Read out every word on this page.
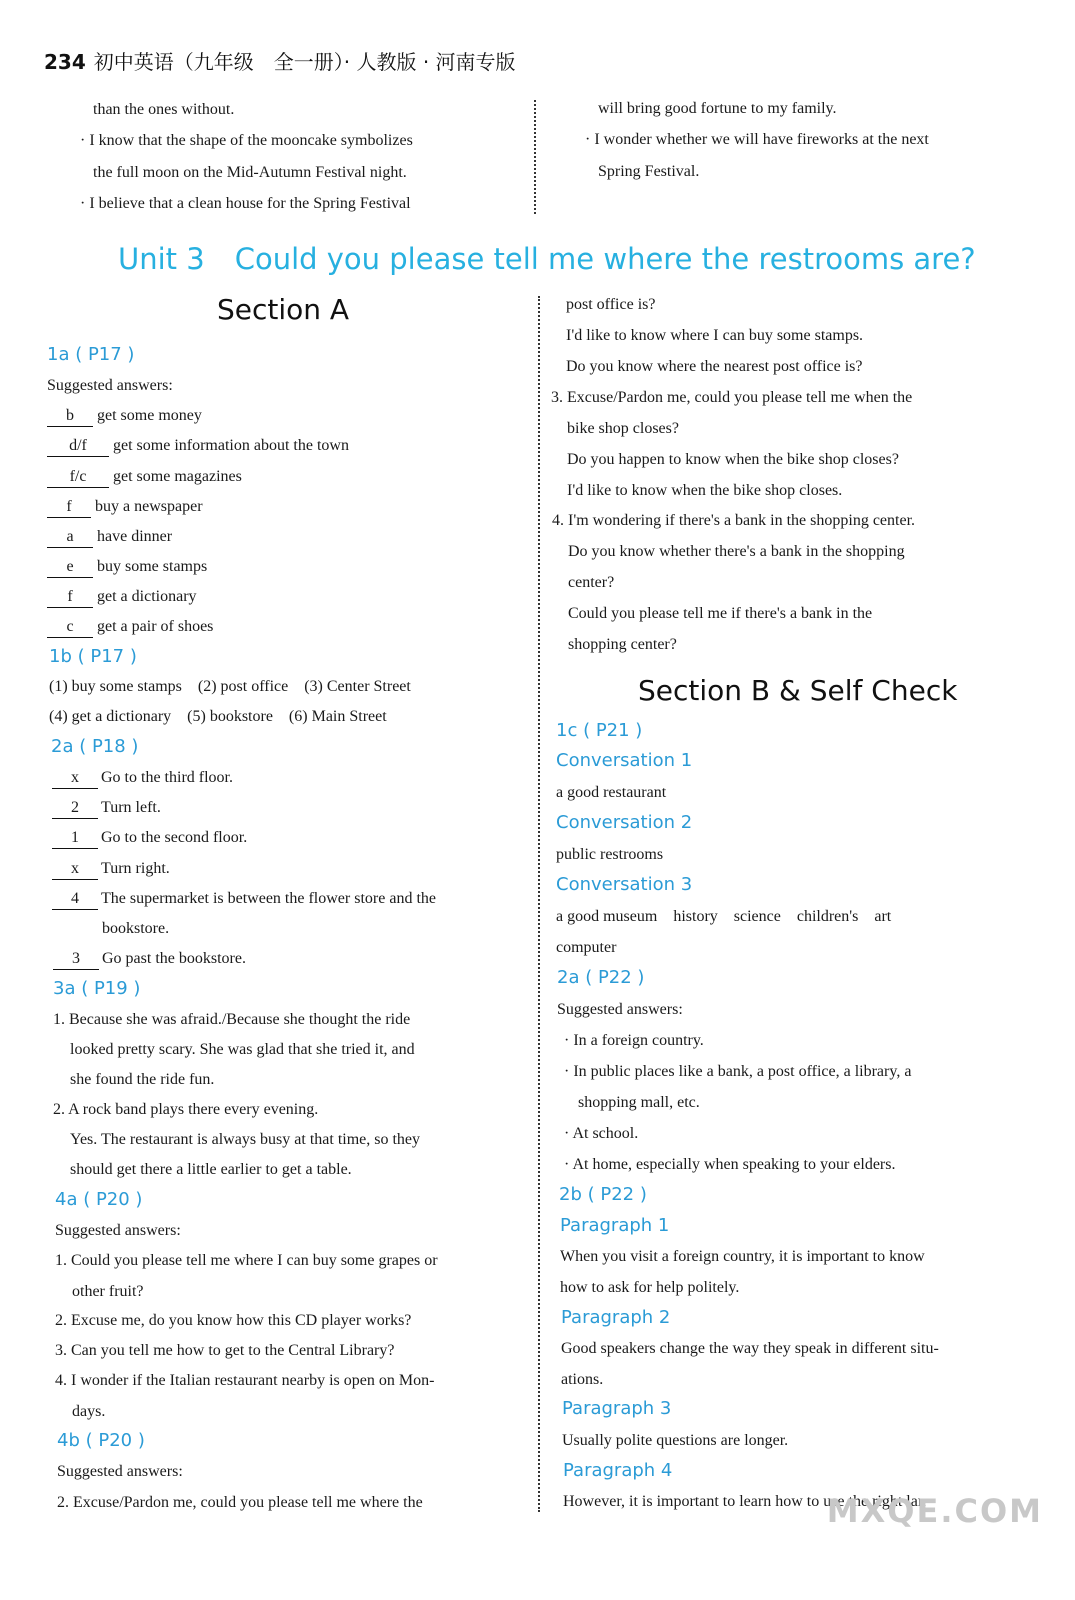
234 初中英语（九年级　全一册）· 人教版 · 河南专版
than the ones without.
· I know that the shape of the mooncake symbolizes
the full moon on the Mid-Autumn Festival night.
· I believe that a clean house for the Spring Festival
will bring good fortune to my family.
· I wonder whether we will have fireworks at the next
Spring Festival.
Unit 3 Could you please tell me where the restrooms are?
Section A
1a ( P17 )
Suggested answers:
b get some money
d/f get some information about the town
f/c get some magazines
f buy a newspaper
a have dinner
e buy some stamps
f get a dictionary
c get a pair of shoes
1b ( P17 )
(1) buy some stamps　(2) post office　(3) Center Street
(4) get a dictionary　(5) bookstore　(6) Main Street
2a ( P18 )
x Go to the third floor.
2 Turn left.
1 Go to the second floor.
x Turn right.
4 The supermarket is between the flower store and the
bookstore.
3 Go past the bookstore.
3a ( P19 )
1. Because she was afraid./Because she thought the ride
looked pretty scary. She was glad that she tried it, and
she found the ride fun.
2. A rock band plays there every evening.
Yes. The restaurant is always busy at that time, so they
should get there a little earlier to get a table.
4a ( P20 )
Suggested answers:
1. Could you please tell me where I can buy some grapes or
other fruit?
2. Excuse me, do you know how this CD player works?
3. Can you tell me how to get to the Central Library?
4. I wonder if the Italian restaurant nearby is open on Mon-
days.
4b ( P20 )
Suggested answers:
2. Excuse/Pardon me, could you please tell me where the
post office is?
I'd like to know where I can buy some stamps.
Do you know where the nearest post office is?
3. Excuse/Pardon me, could you please tell me when the
bike shop closes?
Do you happen to know when the bike shop closes?
I'd like to know when the bike shop closes.
4. I'm wondering if there's a bank in the shopping center.
Do you know whether there's a bank in the shopping
center?
Could you please tell me if there's a bank in the
shopping center?
Section B & Self Check
1c ( P21 )
Conversation 1
a good restaurant
Conversation 2
public restrooms
Conversation 3
a good museum　history　science　children's　art
computer
2a ( P22 )
Suggested answers:
· In a foreign country.
· In public places like a bank, a post office, a library, a
shopping mall, etc.
· At school.
· At home, especially when speaking to your elders.
2b ( P22 )
Paragraph 1
When you visit a foreign country, it is important to know
how to ask for help politely.
Paragraph 2
Good speakers change the way they speak in different situ-
ations.
Paragraph 3
Usually polite questions are longer.
Paragraph 4
However, it is important to learn how to use the right lan-
MXQE.COM
